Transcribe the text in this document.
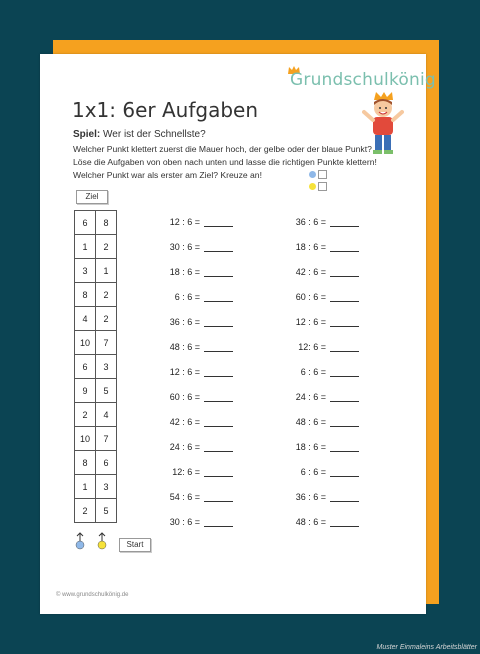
Grundschulkönig
1x1: 6er Aufgaben
Spiel: Wer ist der Schnellste?
Welcher Punkt klettert zuerst die Mauer hoch, der gelbe oder der blaue Punkt?
Löse die Aufgaben von oben nach unten und lasse die richtigen Punkte klettern!
Welcher Punkt war als erster am Ziel? Kreuze an!
Ziel
6	8
1	2
3	1
8	2
4	2
10	7
6	3
9	5
2	4
10	7
8	6
1	3
2	5
12 : 6 =
30 : 6 =
18 : 6 =
6 : 6 =
36 : 6 =
48 : 6 =
12 : 6 =
60 : 6 =
42 : 6 =
24 : 6 =
12: 6 =
54 : 6 =
30 : 6 =
36 : 6 =
18 : 6 =
42 : 6 =
60 : 6 =
12 : 6 =
12: 6 =
6 : 6 =
24 : 6 =
48 : 6 =
18 : 6 =
6 : 6 =
36 : 6 =
48 : 6 =
Start
© www.grundschulkönig.de
Muster Einmaleins Arbeitsblätter
